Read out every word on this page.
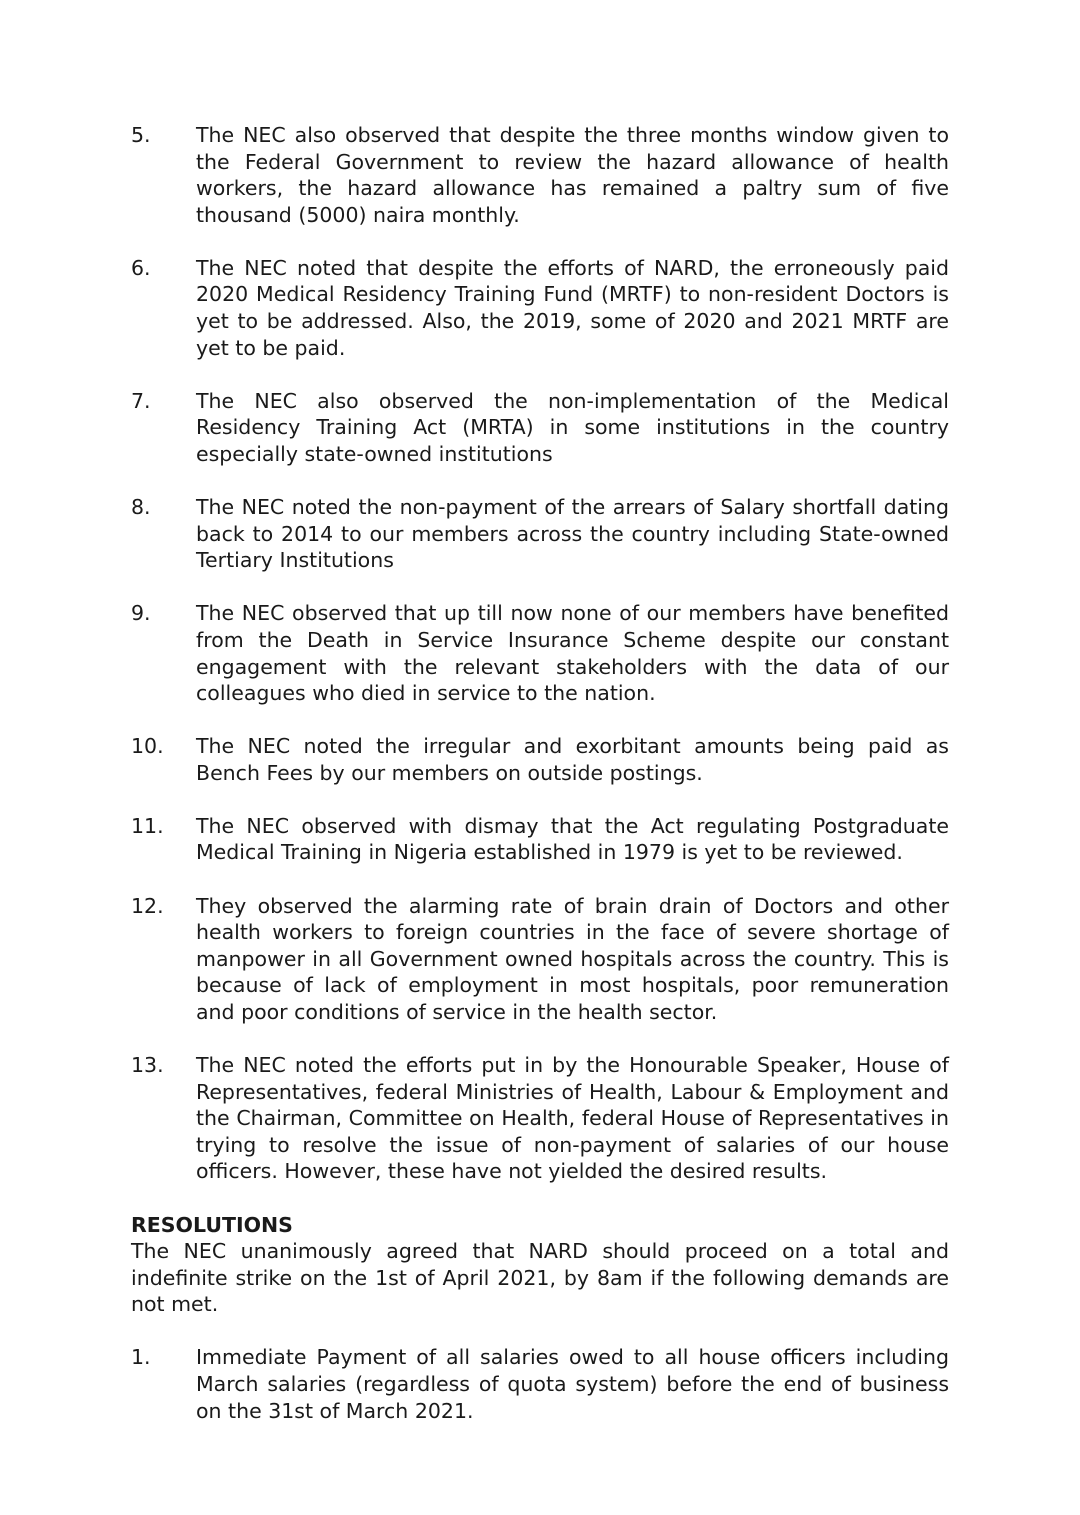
5.	The NEC also observed that despite the three months window given to the Federal Government to review the hazard allowance of health workers, the hazard allowance has remained a paltry sum of five thousand (5000) naira monthly.
6.	The NEC noted that despite the efforts of NARD, the erroneously paid 2020 Medical Residency Training Fund (MRTF) to non-resident Doctors is yet to be addressed. Also, the 2019, some of 2020 and 2021 MRTF are yet to be paid.
7.	The NEC also observed the non-implementation of the Medical Residency Training Act (MRTA) in some institutions in the country especially state-owned institutions
8.	The NEC noted the non-payment of the arrears of Salary shortfall dating back to 2014 to our members across the country including State-owned Tertiary Institutions
9.	The NEC observed that up till now none of our members have benefited from the Death in Service Insurance Scheme despite our constant engagement with the relevant stakeholders with the data of our colleagues who died in service to the nation.
10.	The NEC noted the irregular and exorbitant amounts being paid as Bench Fees by our members on outside postings.
11.	The NEC observed with dismay that the Act regulating Postgraduate Medical Training in Nigeria established in 1979 is yet to be reviewed.
12.	They observed the alarming rate of brain drain of Doctors and other health workers to foreign countries in the face of severe shortage of manpower in all Government owned hospitals across the country. This is because of lack of employment in most hospitals, poor remuneration and poor conditions of service in the health sector.
13.	The NEC noted the efforts put in by the Honourable Speaker, House of Representatives, federal Ministries of Health, Labour & Employment and the Chairman, Committee on Health, federal House of Representatives in trying to resolve the issue of non-payment of salaries of our house officers. However, these have not yielded the desired results.
RESOLUTIONS
The NEC unanimously agreed that NARD should proceed on a total and indefinite strike on the 1st of April 2021, by 8am if the following demands are not met.
1.	Immediate Payment of all salaries owed to all house officers including March salaries (regardless of quota system) before the end of business on the 31st of March 2021.
